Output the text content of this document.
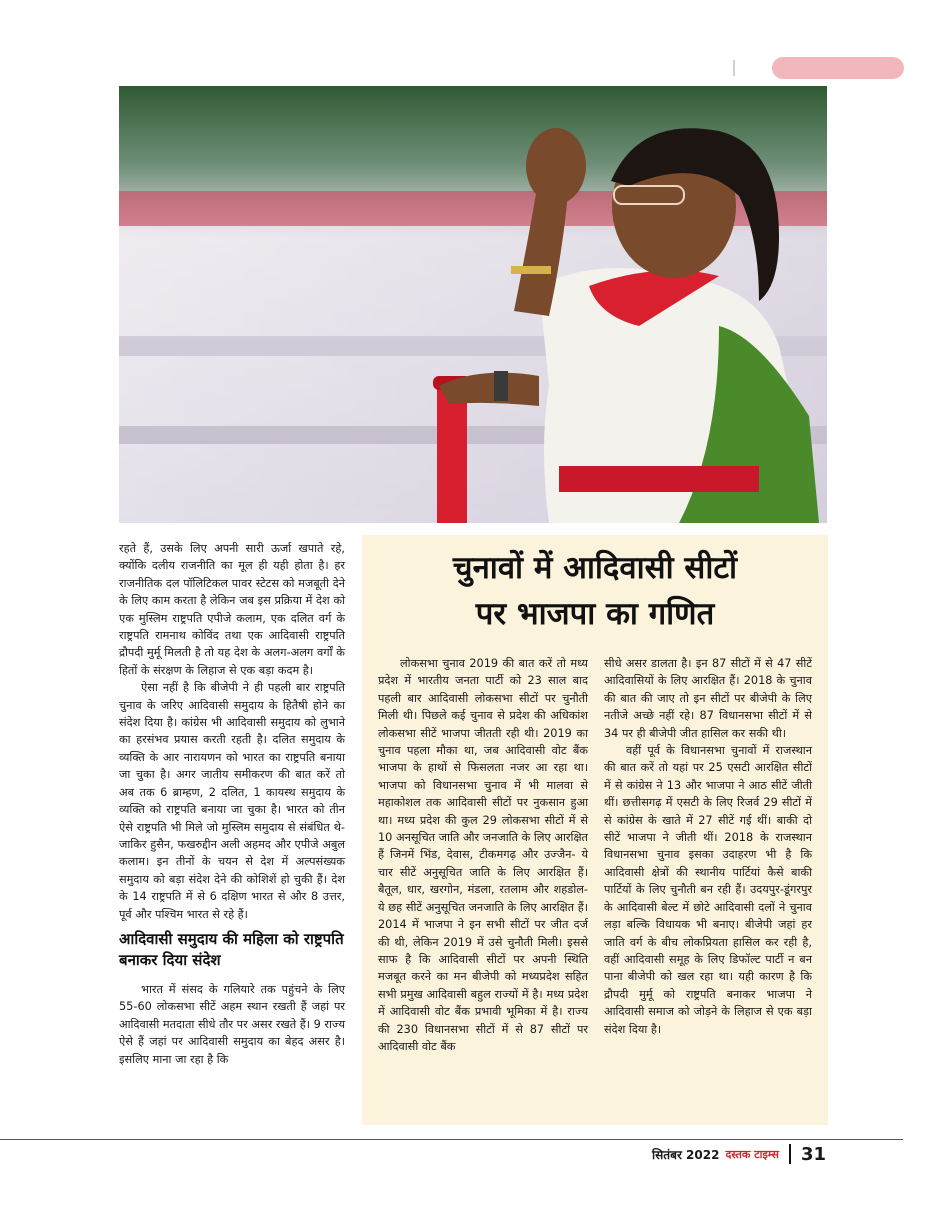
रहते हैं, उसके लिए अपनी सारी ऊर्जा खपाते रहे, क्योंकि दलीय राजनीति का मूल ही यही होता है। हर राजनीतिक दल पॉलिटिकल पावर स्टेटस को मजबूती देने के लिए काम करता है लेकिन जब इस प्रक्रिया में देश को एक मुस्लिम राष्ट्रपति एपीजे कलाम, एक दलित वर्ग के राष्ट्रपति रामनाथ कोविंद तथा एक आदिवासी राष्ट्रपति द्रौपदी मुर्मू मिलती है तो यह देश के अलग-अलग वर्गों के हितों के संरक्षण के लिहाज से एक बड़ा कदम है।

ऐसा नहीं है कि बीजेपी ने ही पहली बार राष्ट्रपति चुनाव के जरिए आदिवासी समुदाय के हितैषी होने का संदेश दिया है। कांग्रेस भी आदिवासी समुदाय को लुभाने का हरसंभव प्रयास करती रहती है। दलित समुदाय के व्यक्ति के आर नारायणन को भारत का राष्ट्रपति बनाया जा चुका है। अगर जातीय समीकरण की बात करें तो अब तक 6 ब्राम्हण, 2 दलित, 1 कायस्थ समुदाय के व्यक्ति को राष्ट्रपति बनाया जा चुका है। भारत को तीन ऐसे राष्ट्रपति भी मिले जो मुस्लिम समुदाय से संबंधित थे- जाकिर हुसैन, फखरुद्दीन अली अहमद और एपीजे अबुल कलाम। इन तीनों के चयन से देश में अल्पसंख्यक समुदाय को बड़ा संदेश देने की कोशिशें हो चुकी हैं। देश के 14 राष्ट्रपति में से 6 दक्षिण भारत से और 8 उत्तर, पूर्व और पश्चिम भारत से रहे हैं।

आदिवासी समुदाय की महिला को राष्ट्रपति बनाकर दिया संदेश

भारत में संसद के गलियारे तक पहुंचने के लिए 55-60 लोकसभा सीटें अहम स्थान रखती हैं जहां पर आदिवासी मतदाता सीधे तौर पर असर रखते हैं। 9 राज्य ऐसे हैं जहां पर आदिवासी समुदाय का बेहद असर है। इसलिए माना जा रहा है कि

चुनावों में आदिवासी सीटों
पर भाजपा का गणित

लोकसभा चुनाव 2019 की बात करें तो मध्य प्रदेश में भारतीय जनता पार्टी को 23 साल बाद पहली बार आदिवासी लोकसभा सीटों पर चुनौती मिली थी। पिछले कई चुनाव से प्रदेश की अधिकांश लोकसभा सीटें भाजपा जीतती रही थी। 2019 का चुनाव पहला मौका था, जब आदिवासी वोट बैंक भाजपा के हाथों से फिसलता नजर आ रहा था। भाजपा को विधानसभा चुनाव में भी मालवा से महाकोशल तक आदिवासी सीटों पर नुकसान हुआ था। मध्य प्रदेश की कुल 29 लोकसभा सीटों में से 10 अनसूचित जाति और जनजाति के लिए आरक्षित हैं जिनमें भिंड, देवास, टीकमगढ़ और उज्जैन- ये चार सीटें अनुसूचित जाति के लिए आरक्षित हैं। बैतूल, धार, खरगोन, मंडला, रतलाम और शहडोल- ये छह सीटें अनुसूचित जनजाति के लिए आरक्षित हैं। 2014 में भाजपा ने इन सभी सीटों पर जीत दर्ज की थी, लेकिन 2019 में उसे चुनौती मिली। इससे साफ है कि आदिवासी सीटों पर अपनी स्थिति मजबूत करने का मन बीजेपी को मध्यप्रदेश सहित सभी प्रमुख आदिवासी बहुल राज्यों में है। मध्य प्रदेश में आदिवासी वोट बैंक प्रभावी भूमिका में है। राज्य की 230 विधानसभा सीटों में से 87 सीटों पर आदिवासी वोट बैंक

सीधे असर डालता है। इन 87 सीटों में से 47 सीटें आदिवासियों के लिए आरक्षित हैं। 2018 के चुनाव की बात की जाए तो इन सीटों पर बीजेपी के लिए नतीजे अच्छे नहीं रहे। 87 विधानसभा सीटों में से 34 पर ही बीजेपी जीत हासिल कर सकी थी।

वहीं पूर्व के विधानसभा चुनावों में राजस्थान की बात करें तो यहां पर 25 एसटी आरक्षित सीटों में से कांग्रेस ने 13 और भाजपा ने आठ सीटें जीती थीं। छत्तीसगढ़ में एसटी के लिए रिजर्व 29 सीटों में से कांग्रेस के खाते में 27 सीटें गई थीं। बाकी दो सीटें भाजपा ने जीती थीं। 2018 के राजस्थान विधानसभा चुनाव इसका उदाहरण भी है कि आदिवासी क्षेत्रों की स्थानीय पार्टियां कैसे बाकी पार्टियों के लिए चुनौती बन रही हैं। उदयपुर-डूंगरपुर के आदिवासी बेल्ट में छोटे आदिवासी दलों ने चुनाव लड़ा बल्कि विधायक भी बनाए। बीजेपी जहां हर जाति वर्ग के बीच लोकप्रियता हासिल कर रही है, वहीं आदिवासी समूह के लिए डिफॉल्ट पार्टी न बन पाना बीजेपी को खल रहा था। यही कारण है कि द्रौपदी मुर्मू को राष्ट्रपति बनाकर भाजपा ने आदिवासी समाज को जोड़ने के लिहाज से एक बड़ा संदेश दिया है।

सितंबर 2022 दस्तक टाइम्स 31
